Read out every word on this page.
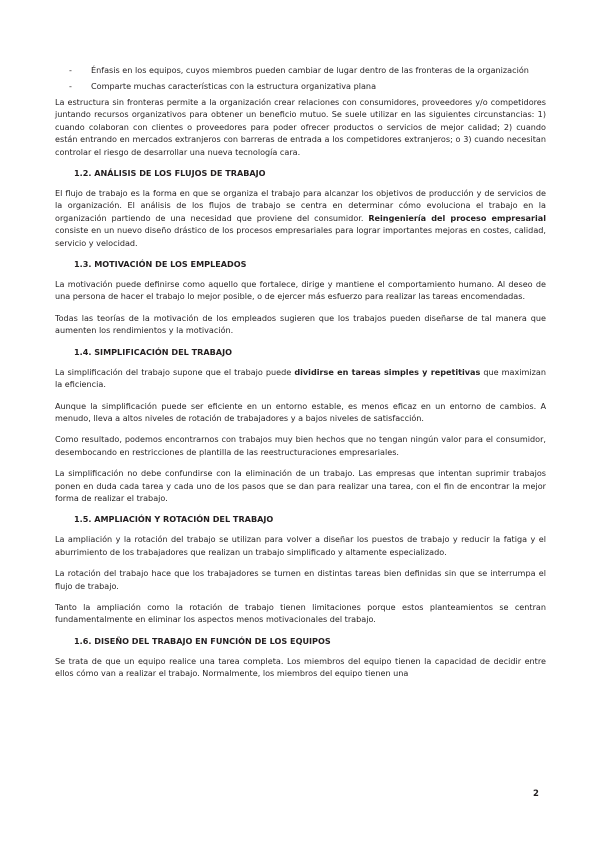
- Énfasis en los equipos, cuyos miembros pueden cambiar de lugar dentro de las fronteras de la organización
- Comparte muchas características con la estructura organizativa plana

La estructura sin fronteras permite a la organización crear relaciones con consumidores, proveedores y/o competidores juntando recursos organizativos para obtener un beneficio mutuo. Se suele utilizar en las siguientes circunstancias: 1) cuando colaboran con clientes o proveedores para poder ofrecer productos o servicios de mejor calidad; 2) cuando están entrando en mercados extranjeros con barreras de entrada a los competidores extranjeros; o 3) cuando necesitan controlar el riesgo de desarrollar una nueva tecnología cara.

1.2. ANÁLISIS DE LOS FLUJOS DE TRABAJO

El flujo de trabajo es la forma en que se organiza el trabajo para alcanzar los objetivos de producción y de servicios de la organización. El análisis de los flujos de trabajo se centra en determinar cómo evoluciona el trabajo en la organización partiendo de una necesidad que proviene del consumidor. Reingeniería del proceso empresarial consiste en un nuevo diseño drástico de los procesos empresariales para lograr importantes mejoras en costes, calidad, servicio y velocidad.

1.3. MOTIVACIÓN DE LOS EMPLEADOS

La motivación puede definirse como aquello que fortalece, dirige y mantiene el comportamiento humano. Al deseo de una persona de hacer el trabajo lo mejor posible, o de ejercer más esfuerzo para realizar las tareas encomendadas.

Todas las teorías de la motivación de los empleados sugieren que los trabajos pueden diseñarse de tal manera que aumenten los rendimientos y la motivación.

1.4. SIMPLIFICACIÓN DEL TRABAJO

La simplificación del trabajo supone que el trabajo puede dividirse en tareas simples y repetitivas que maximizan la eficiencia.

Aunque la simplificación puede ser eficiente en un entorno estable, es menos eficaz en un entorno de cambios. A menudo, lleva a altos niveles de rotación de trabajadores y a bajos niveles de satisfacción.

Como resultado, podemos encontrarnos con trabajos muy bien hechos que no tengan ningún valor para el consumidor, desembocando en restricciones de plantilla de las reestructuraciones empresariales.

La simplificación no debe confundirse con la eliminación de un trabajo. Las empresas que intentan suprimir trabajos ponen en duda cada tarea y cada uno de los pasos que se dan para realizar una tarea, con el fin de encontrar la mejor forma de realizar el trabajo.

1.5. AMPLIACIÓN Y ROTACIÓN DEL TRABAJO

La ampliación y la rotación del trabajo se utilizan para volver a diseñar los puestos de trabajo y reducir la fatiga y el aburrimiento de los trabajadores que realizan un trabajo simplificado y altamente especializado.

La rotación del trabajo hace que los trabajadores se turnen en distintas tareas bien definidas sin que se interrumpa el flujo de trabajo.

Tanto la ampliación como la rotación de trabajo tienen limitaciones porque estos planteamientos se centran fundamentalmente en eliminar los aspectos menos motivacionales del trabajo.

1.6. DISEÑO DEL TRABAJO EN FUNCIÓN DE LOS EQUIPOS

Se trata de que un equipo realice una tarea completa. Los miembros del equipo tienen la capacidad de decidir entre ellos cómo van a realizar el trabajo. Normalmente, los miembros del equipo tienen una

2
